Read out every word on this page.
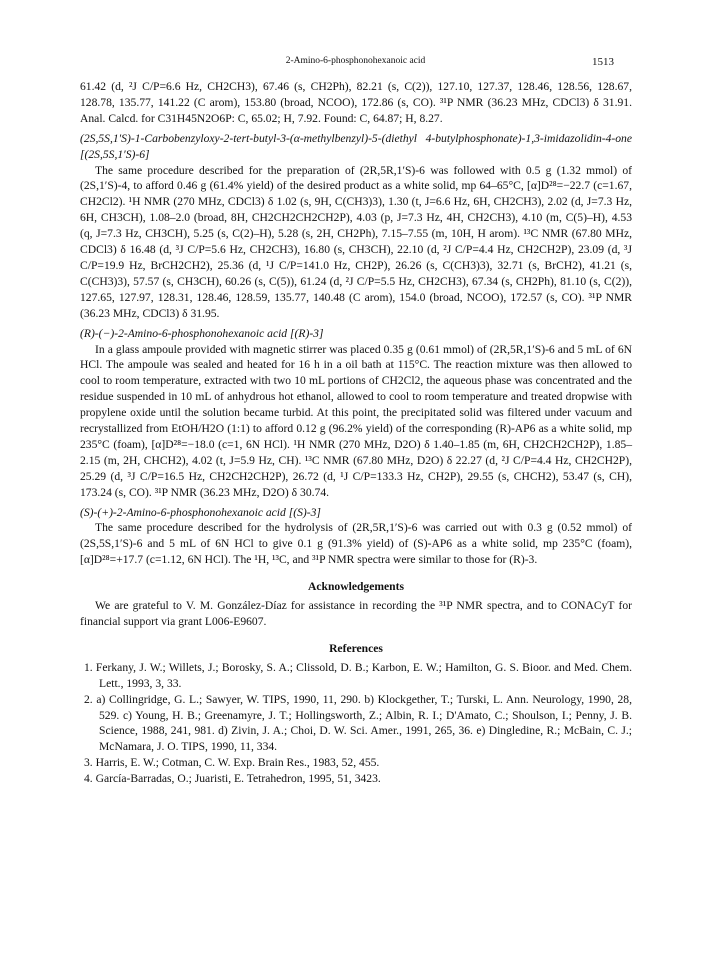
2-Amino-6-phosphonohexanoic acid	1513

61.42 (d, ²J C/P=6.6 Hz, CH2CH3), 67.46 (s, CH2Ph), 82.21 (s, C(2)), 127.10, 127.37, 128.46, 128.56, 128.67, 128.78, 135.77, 141.22 (C arom), 153.80 (broad, NCOO), 172.86 (s, CO). ³¹P NMR (36.23 MHz, CDCl3) δ 31.91. Anal. Calcd. for C31H45N2O6P: C, 65.02; H, 7.92. Found: C, 64.87; H, 8.27.

(2S,5S,1′S)-1-Carbobenzyloxy-2-tert-butyl-3-(α-methylbenzyl)-5-(diethyl 4-butylphosphonate)-1,3-imidazolidin-4-one [(2S,5S,1′S)-6]

The same procedure described for the preparation of (2R,5R,1′S)-6 was followed with 0.5 g (1.32 mmol) of (2S,1′S)-4, to afford 0.46 g (61.4% yield) of the desired product as a white solid, mp 64–65°C, [α]D²⁸=−22.7 (c=1.67, CH2Cl2). ¹H NMR (270 MHz, CDCl3) δ 1.02 (s, 9H, C(CH3)3), 1.30 (t, J=6.6 Hz, 6H, CH2CH3), 2.02 (d, J=7.3 Hz, 6H, CH3CH), 1.08–2.0 (broad, 8H, CH2CH2CH2CH2P), 4.03 (p, J=7.3 Hz, 4H, CH2CH3), 4.10 (m, C(5)–H), 4.53 (q, J=7.3 Hz, CH3CH), 5.25 (s, C(2)–H), 5.28 (s, 2H, CH2Ph), 7.15–7.55 (m, 10H, H arom). ¹³C NMR (67.80 MHz, CDCl3) δ 16.48 (d, ³J C/P=5.6 Hz, CH2CH3), 16.80 (s, CH3CH), 22.10 (d, ²J C/P=4.4 Hz, CH2CH2P), 23.09 (d, ³J C/P=19.9 Hz, BrCH2CH2), 25.36 (d, ¹J C/P=141.0 Hz, CH2P), 26.26 (s, C(CH3)3), 32.71 (s, BrCH2), 41.21 (s, C(CH3)3), 57.57 (s, CH3CH), 60.26 (s, C(5)), 61.24 (d, ²J C/P=5.5 Hz, CH2CH3), 67.34 (s, CH2Ph), 81.10 (s, C(2)), 127.65, 127.97, 128.31, 128.46, 128.59, 135.77, 140.48 (C arom), 154.0 (broad, NCOO), 172.57 (s, CO). ³¹P NMR (36.23 MHz, CDCl3) δ 31.95.

(R)-(−)-2-Amino-6-phosphonohexanoic acid [(R)-3]

In a glass ampoule provided with magnetic stirrer was placed 0.35 g (0.61 mmol) of (2R,5R,1′S)-6 and 5 mL of 6N HCl. The ampoule was sealed and heated for 16 h in a oil bath at 115°C. The reaction mixture was then allowed to cool to room temperature, extracted with two 10 mL portions of CH2Cl2, the aqueous phase was concentrated and the residue suspended in 10 mL of anhydrous hot ethanol, allowed to cool to room temperature and treated dropwise with propylene oxide until the solution became turbid. At this point, the precipitated solid was filtered under vacuum and recrystallized from EtOH/H2O (1:1) to afford 0.12 g (96.2% yield) of the corresponding (R)-AP6 as a white solid, mp 235°C (foam), [α]D²⁸=−18.0 (c=1, 6N HCl). ¹H NMR (270 MHz, D2O) δ 1.40–1.85 (m, 6H, CH2CH2CH2P), 1.85–2.15 (m, 2H, CHCH2), 4.02 (t, J=5.9 Hz, CH). ¹³C NMR (67.80 MHz, D2O) δ 22.27 (d, ²J C/P=4.4 Hz, CH2CH2P), 25.29 (d, ³J C/P=16.5 Hz, CH2CH2CH2P), 26.72 (d, ¹J C/P=133.3 Hz, CH2P), 29.55 (s, CHCH2), 53.47 (s, CH), 173.24 (s, CO). ³¹P NMR (36.23 MHz, D2O) δ 30.74.

(S)-(+)-2-Amino-6-phosphonohexanoic acid [(S)-3]

The same procedure described for the hydrolysis of (2R,5R,1′S)-6 was carried out with 0.3 g (0.52 mmol) of (2S,5S,1′S)-6 and 5 mL of 6N HCl to give 0.1 g (91.3% yield) of (S)-AP6 as a white solid, mp 235°C (foam), [α]D²⁸=+17.7 (c=1.12, 6N HCl). The ¹H, ¹³C, and ³¹P NMR spectra were similar to those for (R)-3.

Acknowledgements

We are grateful to V. M. González-Díaz for assistance in recording the ³¹P NMR spectra, and to CONACyT for financial support via grant L006-E9607.

References

1. Ferkany, J. W.; Willets, J.; Borosky, S. A.; Clissold, D. B.; Karbon, E. W.; Hamilton, G. S. Bioor. and Med. Chem. Lett., 1993, 3, 33.

2. a) Collingridge, G. L.; Sawyer, W. TIPS, 1990, 11, 290. b) Klockgether, T.; Turski, L. Ann. Neurology, 1990, 28, 529. c) Young, H. B.; Greenamyre, J. T.; Hollingsworth, Z.; Albin, R. I.; D'Amato, C.; Shoulson, I.; Penny, J. B. Science, 1988, 241, 981. d) Zivin, J. A.; Choi, D. W. Sci. Amer., 1991, 265, 36. e) Dingledine, R.; McBain, C. J.; McNamara, J. O. TIPS, 1990, 11, 334.

3. Harris, E. W.; Cotman, C. W. Exp. Brain Res., 1983, 52, 455.

4. García-Barradas, O.; Juaristi, E. Tetrahedron, 1995, 51, 3423.
